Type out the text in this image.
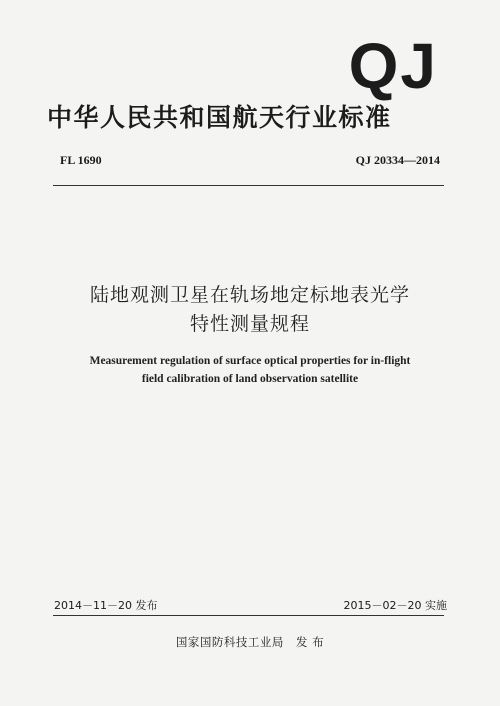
QJ
中华人民共和国航天行业标准
FL 1690	QJ 20334—2014
陆地观测卫星在轨场地定标地表光学
特性测量规程
Measurement regulation of surface optical properties for in-flight
field calibration of land observation satellite
2014－11－20 发布	2015－02－20 实施
国家国防科技工业局　发 布
